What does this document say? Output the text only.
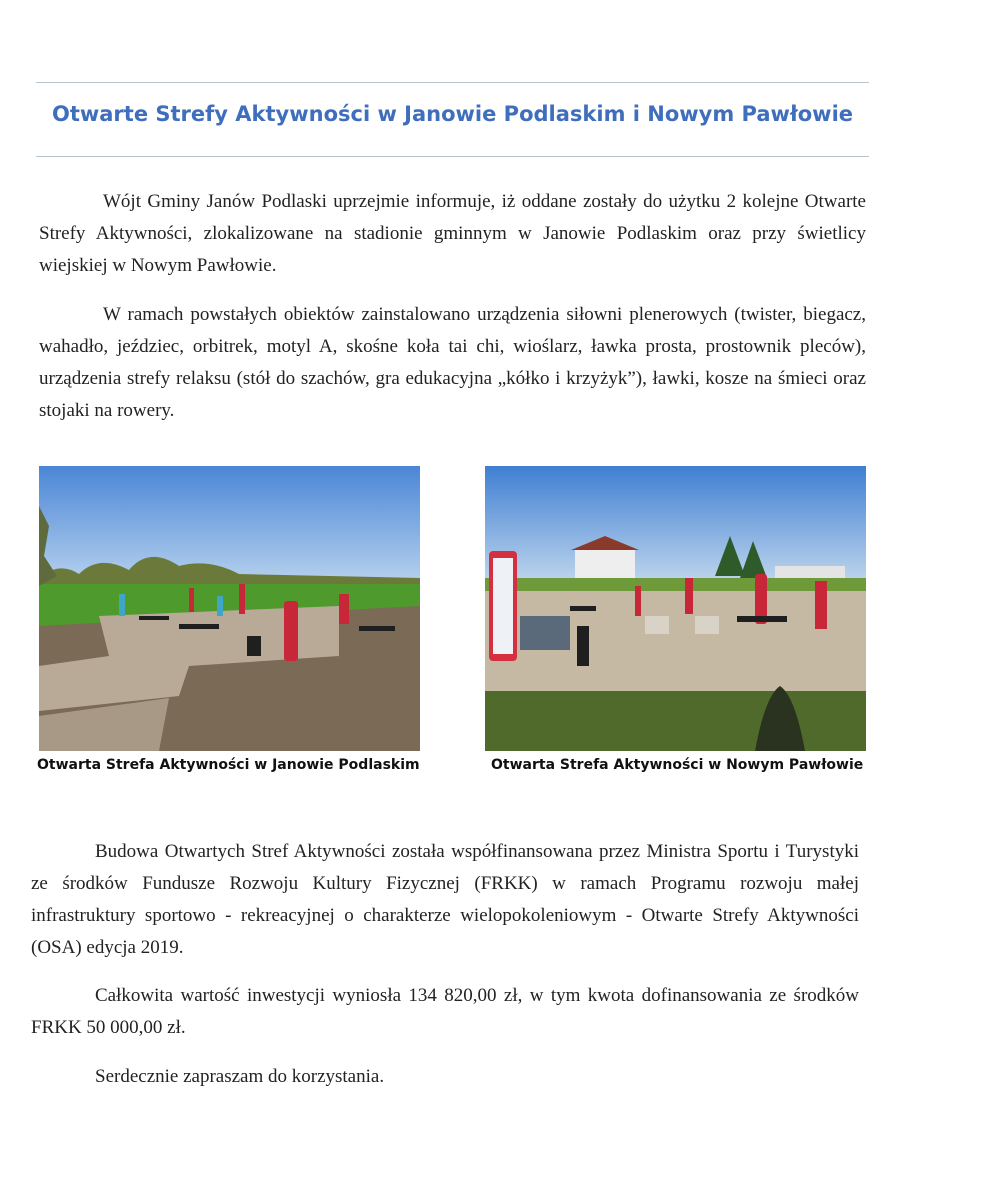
Otwarte Strefy Aktywności w Janowie Podlaskim i Nowym Pawłowie

Wójt Gminy Janów Podlaski uprzejmie informuje, iż oddane zostały do użytku 2 kolejne Otwarte Strefy Aktywności, zlokalizowane na stadionie gminnym w Janowie Podlaskim oraz przy świetlicy wiejskiej w Nowym Pawłowie.

W ramach powstałych obiektów zainstalowano urządzenia siłowni plenerowych (twister, biegacz, wahadło, jeździec, orbitrek, motyl A, skośne koła tai chi, wioślarz, ławka prosta, prostownik pleców), urządzenia strefy relaksu (stół do szachów, gra edukacyjna „kółko i krzyżyk”), ławki, kosze na śmieci oraz stojaki na rowery.

Otwarta Strefa Aktywności w Janowie Podlaskim	Otwarta Strefa Aktywności w Nowym Pawłowie

Budowa Otwartych Stref Aktywności została współfinansowana przez Ministra Sportu i Turystyki ze środków Fundusze Rozwoju Kultury Fizycznej (FRKK) w ramach Programu rozwoju małej infrastruktury sportowo - rekreacyjnej o charakterze wielopokoleniowym - Otwarte Strefy Aktywności (OSA) edycja 2019.

Całkowita wartość inwestycji wyniosła 134 820,00 zł, w tym kwota dofinansowania ze środków FRKK 50 000,00 zł.

Serdecznie zapraszam do korzystania.
